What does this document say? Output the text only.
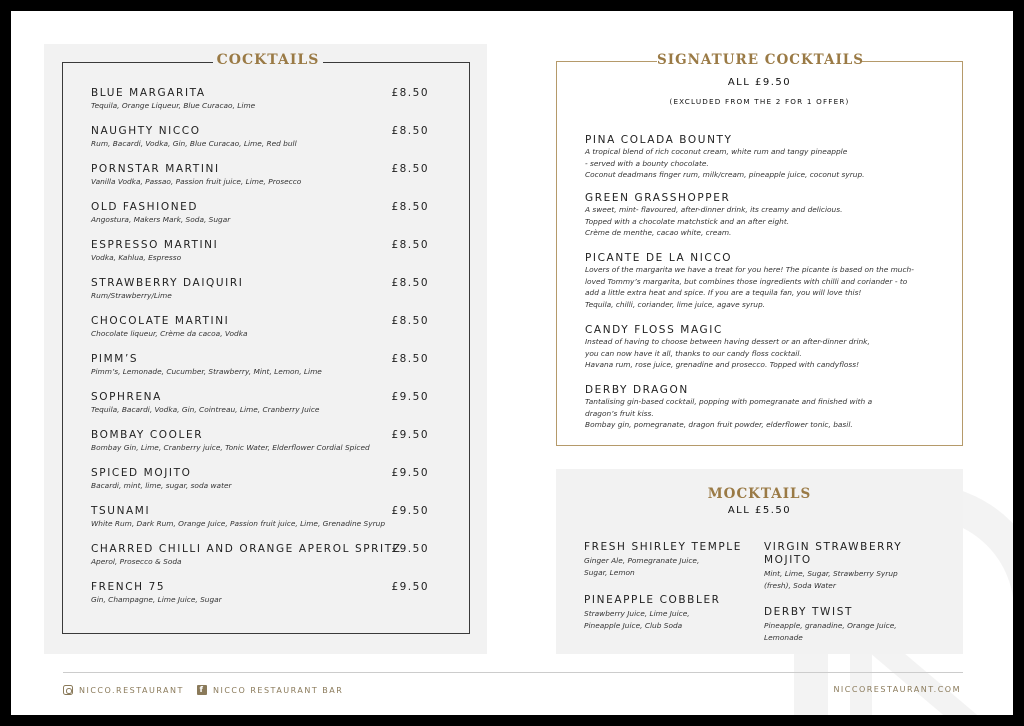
COCKTAILS
BLUE MARGARITA
Tequila, Orange Liqueur, Blue Curacao, Lime
£8.50
NAUGHTY NICCO
Rum, Bacardi, Vodka, Gin, Blue Curacao, Lime, Red bull
£8.50
PORNSTAR MARTINI
Vanilla Vodka, Passao, Passion fruit juice, Lime, Prosecco
£8.50
OLD FASHIONED
Angostura, Makers Mark, Soda, Sugar
£8.50
ESPRESSO MARTINI
Vodka, Kahlua, Espresso
£8.50
STRAWBERRY DAIQUIRI
Rum/Strawberry/Lime
£8.50
CHOCOLATE MARTINI
Chocolate liqueur, Crème da cacoa, Vodka
£8.50
PIMM’S
Pimm’s, Lemonade, Cucumber, Strawberry, Mint, Lemon, Lime
£8.50
SOPHRENA
Tequila, Bacardi, Vodka, Gin, Cointreau, Lime, Cranberry Juice
£9.50
BOMBAY COOLER
Bombay Gin, Lime, Cranberry juice, Tonic Water, Elderflower Cordial Spiced
£9.50
SPICED MOJITO
Bacardi, mint, lime, sugar, soda water
£9.50
TSUNAMI
White Rum, Dark Rum, Orange Juice, Passion fruit juice, Lime, Grenadine Syrup
£9.50
CHARRED CHILLI AND ORANGE APEROL SPRITZ
Aperol, Prosecco & Soda
£9.50
FRENCH 75
Gin, Champagne, Lime Juice, Sugar
£9.50
SIGNATURE COCKTAILS
ALL £9.50
(EXCLUDED FROM THE 2 FOR 1 OFFER)
PINA COLADA BOUNTY
A tropical blend of rich coconut cream, white rum and tangy pineapple
- served with a bounty chocolate.
Coconut deadmans finger rum, milk/cream, pineapple juice, coconut syrup.
GREEN GRASSHOPPER
A sweet, mint- flavoured, after-dinner drink, its creamy and delicious.
Topped with a chocolate matchstick and an after eight.
Crème de menthe, cacao white, cream.
PICANTE DE LA NICCO
Lovers of the margarita we have a treat for you here! The picante is based on the much-
loved Tommy’s margarita, but combines those ingredients with chilli and coriander - to
add a little extra heat and spice. If you are a tequila fan, you will love this!
Tequila, chilli, coriander, lime juice, agave syrup.
CANDY FLOSS MAGIC
Instead of having to choose between having dessert or an after-dinner drink,
you can now have it all, thanks to our candy floss cocktail.
Havana rum, rose juice, grenadine and prosecco. Topped with candyfloss!
DERBY DRAGON
Tantalising gin-based cocktail, popping with pomegranate and finished with a
dragon’s fruit kiss.
Bombay gin, pomegranate, dragon fruit powder, elderflower tonic, basil.
MOCKTAILS
ALL £5.50
FRESH SHIRLEY TEMPLE
Ginger Ale, Pomegranate Juice,
Sugar, Lemon
VIRGIN STRAWBERRY
MOJITO
Mint, Lime, Sugar, Strawberry Syrup
(fresh), Soda Water
PINEAPPLE COBBLER
Strawberry Juice, Lime Juice,
Pineapple Juice, Club Soda
DERBY TWIST
Pineapple, granadine, Orange Juice,
Lemonade
NICCO.RESTAURANT	f	NICCO RESTAURANT BAR	NICCORESTAURANT.COM
